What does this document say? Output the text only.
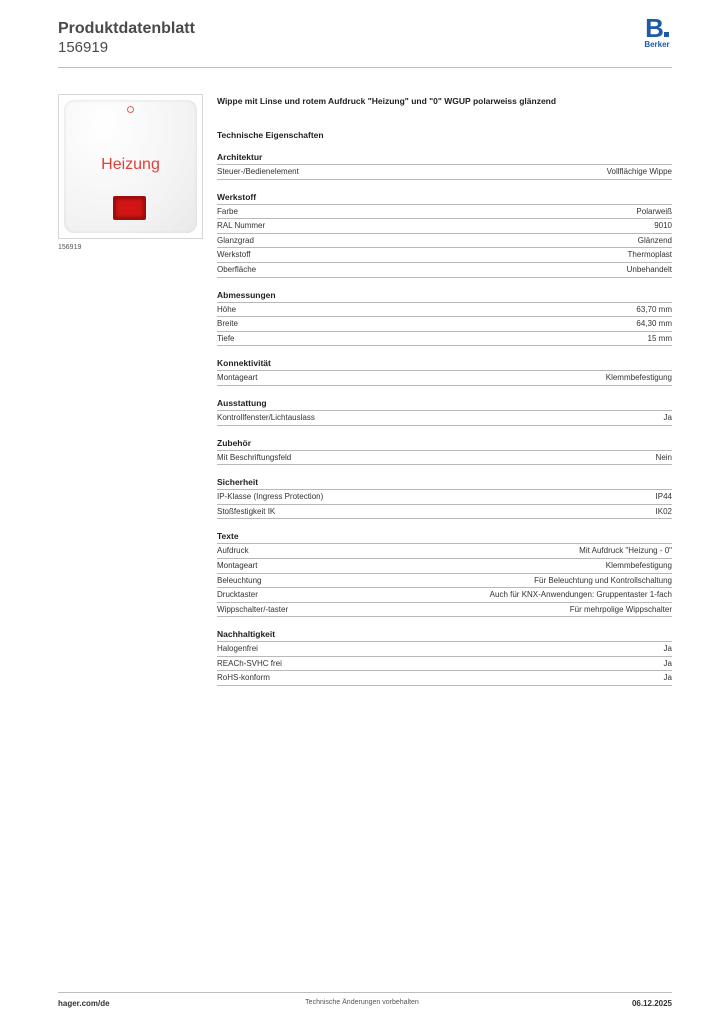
Produktdatenblatt
156919
B
Berker
Heizung
156919
Wippe mit Linse und rotem Aufdruck "Heizung" und "0" WGUP polarweiss glänzend
Technische Eigenschaften
Architektur
Steuer-/Bedienelement	Vollflächige Wippe
Werkstoff
Farbe	Polarweiß
RAL Nummer	9010
Glanzgrad	Glänzend
Werkstoff	Thermoplast
Oberfläche	Unbehandelt
Abmessungen
Höhe	63,70 mm
Breite	64,30 mm
Tiefe	15 mm
Konnektivität
Montageart	Klemmbefestigung
Ausstattung
Kontrollfenster/Lichtauslass	Ja
Zubehör
Mit Beschriftungsfeld	Nein
Sicherheit
IP-Klasse (Ingress Protection)	IP44
Stoßfestigkeit IK	IK02
Texte
Aufdruck	Mit Aufdruck "Heizung - 0"
Montageart	Klemmbefestigung
Beleuchtung	Für Beleuchtung und Kontrollschaltung
Drucktaster	Auch für KNX-Anwendungen: Gruppentaster 1-fach
Wippschalter/-taster	Für mehrpolige Wippschalter
Nachhaltigkeit
Halogenfrei	Ja
REACh-SVHC frei	Ja
RoHS-konform	Ja
hager.com/de	Technische Änderungen vorbehalten	06.12.2025
